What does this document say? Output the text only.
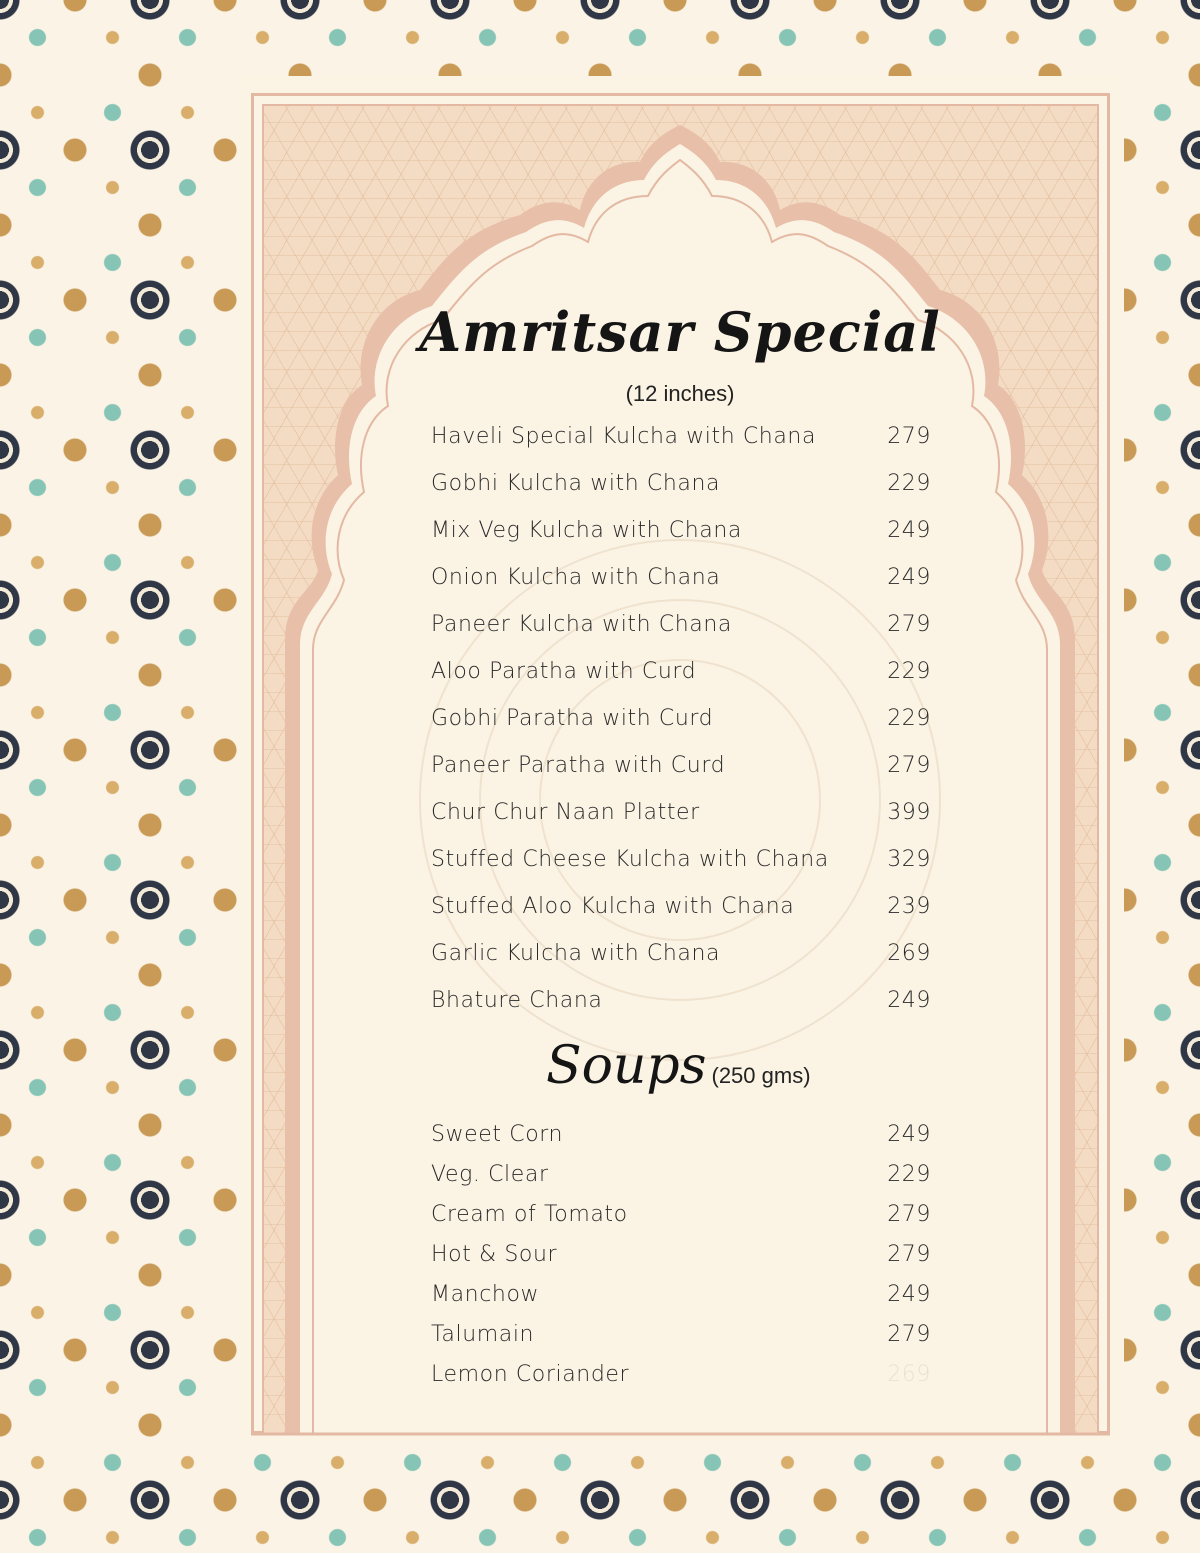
Amritsar Special
(12 inches)
Haveli Special Kulcha with Chana	279
Gobhi Kulcha with Chana	229
Mix Veg Kulcha with Chana	249
Onion Kulcha with Chana	249
Paneer Kulcha with Chana	279
Aloo Paratha with Curd	229
Gobhi Paratha with Curd	229
Paneer Paratha with Curd	279
Chur Chur Naan Platter	399
Stuffed Cheese Kulcha with Chana	329
Stuffed Aloo Kulcha with Chana	239
Garlic Kulcha with Chana	269
Bhature Chana	249
Soups (250 gms)
Sweet Corn	249
Veg. Clear	229
Cream of Tomato	279
Hot & Sour	279
Manchow	249
Talumain	279
Lemon Coriander	269
